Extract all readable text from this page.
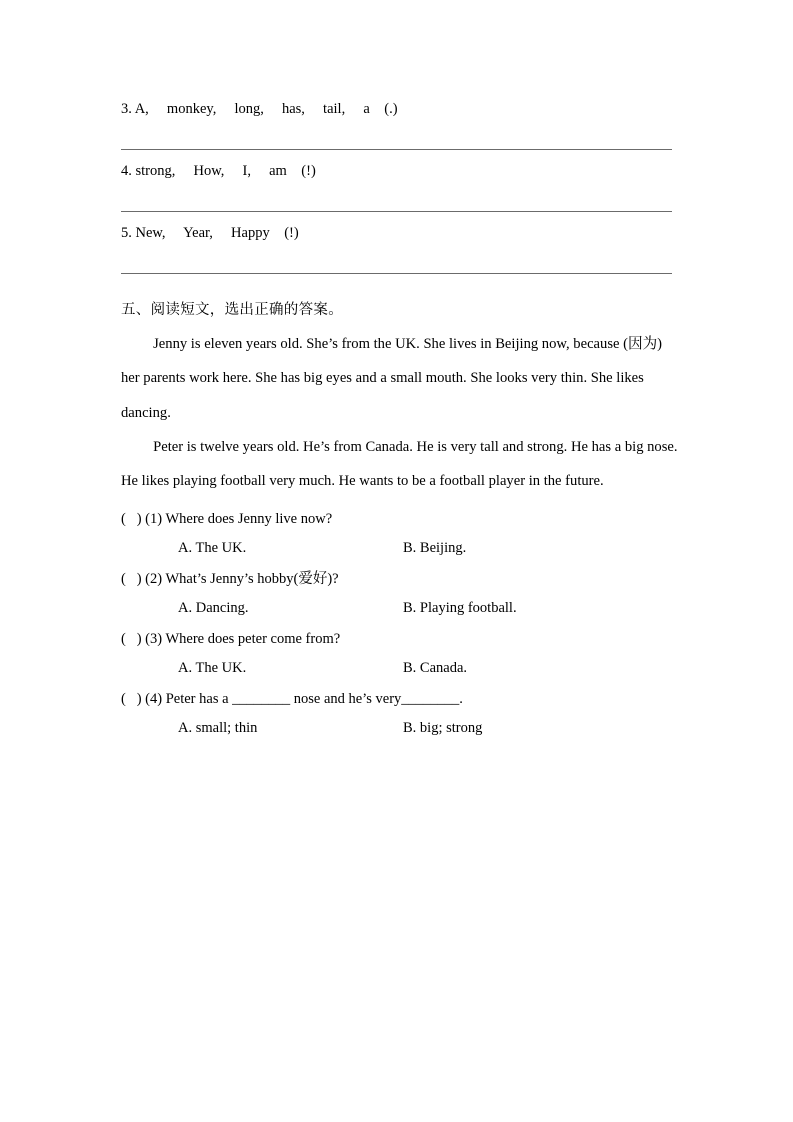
3. A,     monkey,     long,     has,     tail,     a    (.)
4. strong,     How,     I,     am    (!)
5. New,     Year,     Happy    (!)
五、阅读短文，选出正确的答案。

Jenny is eleven years old. She’s from the UK. She lives in Beijing now, because (因为) her parents work here. She has big eyes and a small mouth. She looks very thin. She likes dancing.

Peter is twelve years old. He’s from Canada. He is very tall and strong. He has a big nose. He likes playing football very much. He wants to be a football player in the future.

(   ) (1) Where does Jenny live now?
A. The UK.	B. Beijing.
(   ) (2) What’s Jenny’s hobby(爱好)?
A. Dancing.	B. Playing football.
(   ) (3) Where does peter come from?
A. The UK.	B. Canada.
(   ) (4) Peter has a ________ nose and he’s very________.
A. small; thin	B. big; strong
